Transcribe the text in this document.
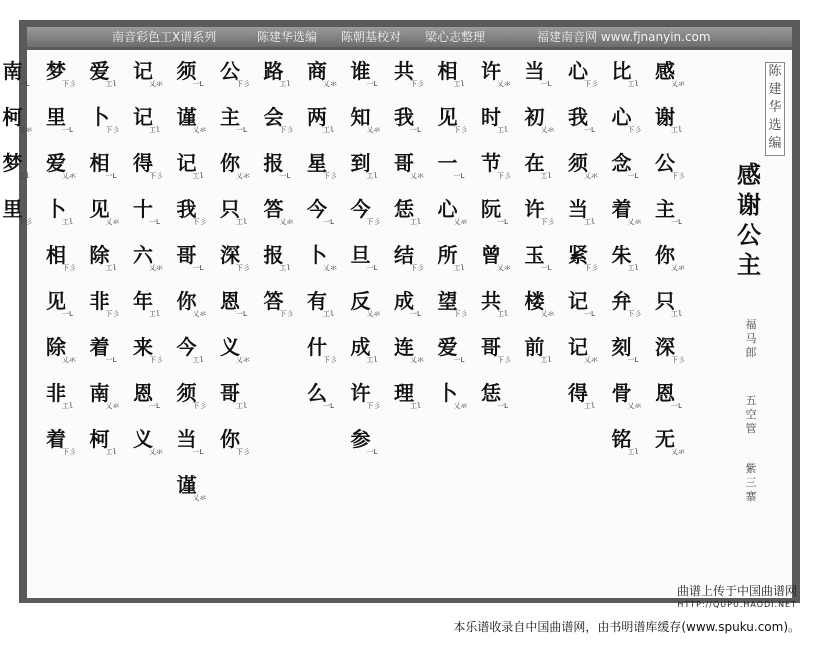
南音彩色工X谱系列	陈建华选编 陈朝基校对 梁心志整理	福建南音网 www.fjnanyin.com
感
乂氺
谢
工l
公
下彡
主
一L
你
乂氺
只
工l
深
下彡
恩
一L
无
乂氺
比
工l
心
下彡
念
一L
着
乂氺
朱
工l
弁
下彡
刻
一L
骨
乂氺
铭
工l
心
下彡
我
一L
须
乂氺
当
工l
紧
下彡
记
一L
记
乂氺
得
工l
当
一L
初
乂氺
在
工l
许
下彡
玉
一L
楼
乂氺
前
工l
许
乂氺
时
工l
节
下彡
阮
一L
曾
乂氺
共
工l
哥
下彡
恁
一L
相
工l
见
下彡
一
一L
心
乂氺
所
工l
望
下彡
爱
一L
卜
乂氺
共
下彡
我
一L
哥
乂氺
恁
工l
结
下彡
成
一L
连
乂氺
理
工l
谁
一L
知
乂氺
到
工l
今
下彡
旦
一L
反
乂氺
成
工l
许
下彡
参
一L
商
乂氺
两
工l
星
下彡
今
一L
卜
乂氺
有
工l
什
下彡
么
一L
路
工l
会
下彡
报
一L
答
乂氺
报
工l
答
下彡
公
下彡
主
一L
你
乂氺
只
工l
深
下彡
恩
一L
义
乂氺
哥
工l
你
下彡
须
一L
谨
乂氺
记
工l
我
下彡
哥
一L
你
乂氺
今
工l
须
下彡
当
一L
谨
乂氺
记
乂氺
记
工l
得
下彡
十
一L
六
乂氺
年
工l
来
下彡
恩
一L
义
乂氺
爱
工l
卜
下彡
相
一L
见
乂氺
除
工l
非
下彡
着
一L
南
乂氺
柯
工l
梦
下彡
里
一L
爱
乂氺
卜
工l
相
下彡
见
一L
除
乂氺
非
工l
着
下彡
南
一L
柯
乂氺
梦
工l
里
下彡
陈建华选编
感谢公主
福马郎
五空管
紫三寨
曲谱上传于中国曲谱网
HTTP://QUPU.HAODI.NET
本乐谱收录自中国曲谱网，由书明谱库缓存(www.spuku.com)。
